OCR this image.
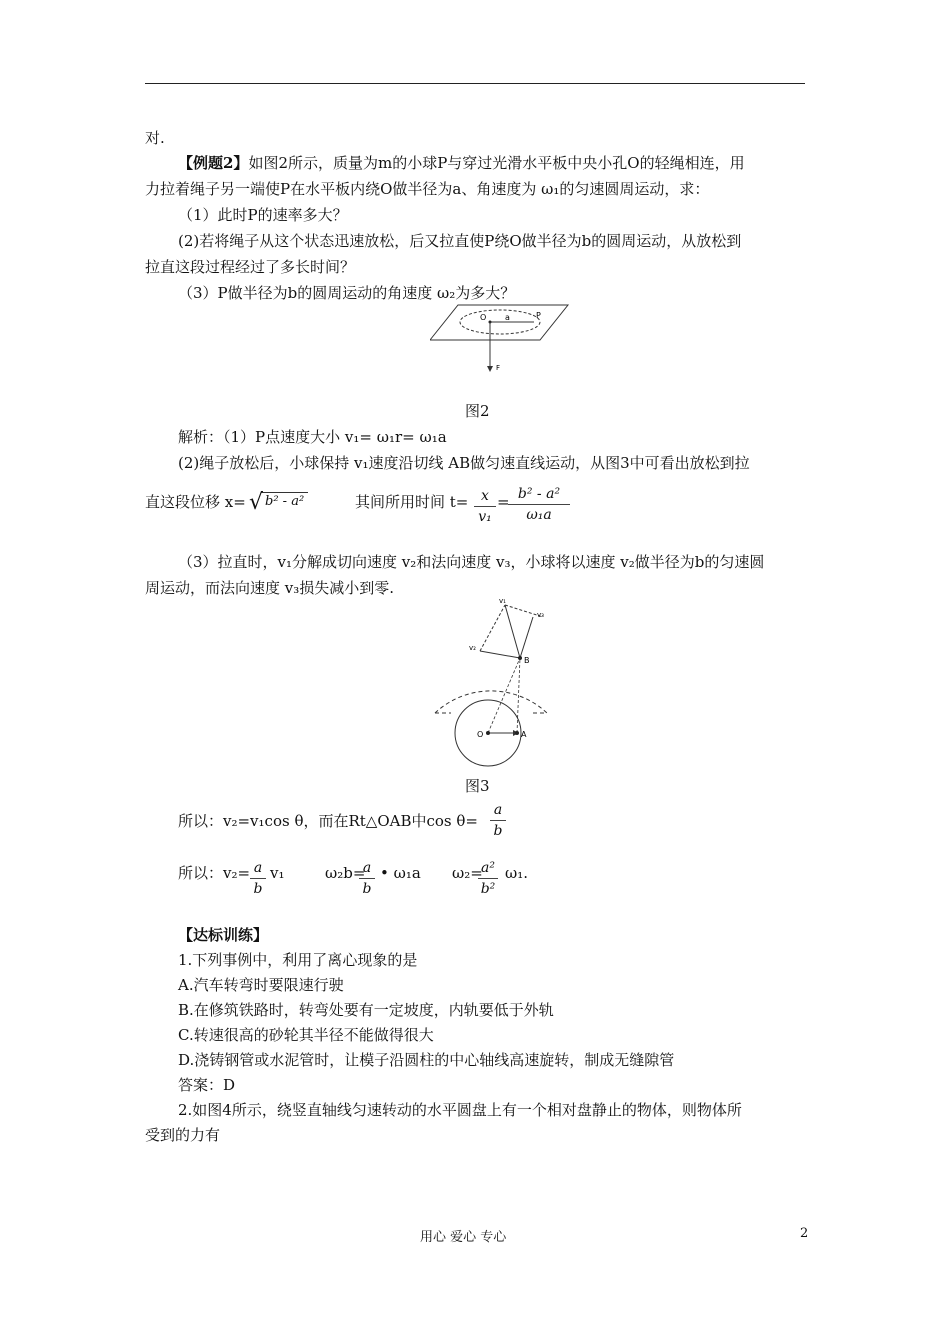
对.
【例题2】如图2所示，质量为m的小球P与穿过光滑水平板中央小孔O的轻绳相连，用
力拉着绳子另一端使P在水平板内绕O做半径为a、角速度为 ω₁的匀速圆周运动，求：
（1）此时P的速率多大？
(2)若将绳子从这个状态迅速放松，后又拉直使P绕O做半径为b的圆周运动，从放松到
拉直这段过程经过了多长时间？
（3）P做半径为b的圆周运动的角速度 ω₂为多大？
O a	P
F
图2
解析：（1）P点速度大小 v₁= ω₁r= ω₁a
(2)绳子放松后，小球保持 v₁速度沿切线 AB做匀速直线运动，从图3中可看出放松到拉
直这段位移 x= √ b² - a²	其间所用时间 t= x
v₁
= b² - a²
ω₁a
（3）拉直时，v₁分解成切向速度 v₂和法向速度 v₃，小球将以速度 v₂做半径为b的匀速圆
周运动，而法向速度 v₃损失减小到零.
v₁
v₃
v₂
B
O	A
图3
所以：v₂=v₁cos θ，而在Rt△OAB中cos θ=
a
b
所以：v₂= a
b
v₁	ω₂b=
a
b
• ω₁a ω₂=
a²
b²
ω₁.
【达标训练】
1.下列事例中，利用了离心现象的是
A.汽车转弯时要限速行驶
B.在修筑铁路时，转弯处要有一定坡度，内轨要低于外轨
C.转速很高的砂轮其半径不能做得很大
D.浇铸钢管或水泥管时，让模子沿圆柱的中心轴线高速旋转，制成无缝隙管
答案：D
2.如图4所示，绕竖直轴线匀速转动的水平圆盘上有一个相对盘静止的物体，则物体所
受到的力有
用心 爱心 专心	2
